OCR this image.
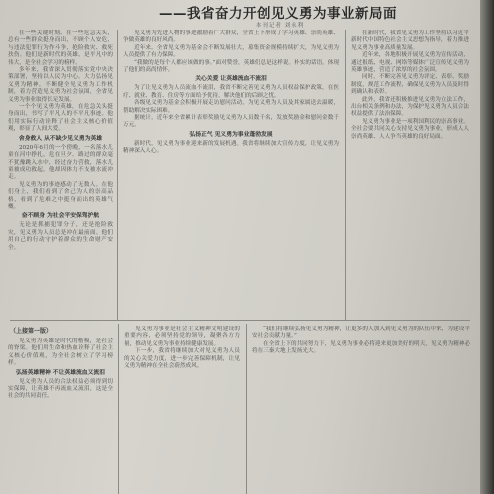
——我省奋力开创见义勇为事业新局面
本刊记者 刘永利

在一些关键时刻、在一些危急关头，总有一些群众挺身而出，不顾个人安危，与违法犯罪行为作斗争，抢险救灾、救死扶伤。他们是新时代的英雄，是平凡中的伟大，是全社会学习的榜样。

多年来，我省深入贯彻落实党中央决策部署，坚持以人民为中心，大力弘扬见义勇为精神，不断健全见义勇为工作机制，着力营造见义勇为社会氛围，全省见义勇为事业取得长足发展。

一个个见义勇为英雄，在危急关头挺身而出，书写了平凡人的不平凡事迹。他们用实际行动诠释了社会主义核心价值观，彰显了人间大爱。

舍身救人 从不缺少见义勇为英雄

2020年6月的一个傍晚，一名落水儿童在河中挣扎，危在旦夕。路过的群众毫不犹豫跳入水中，经过奋力营救，落水儿童被成功救起，他却因体力不支被水流冲走。

见义勇为的事迹感动了无数人。在他们身上，我们看到了舍己为人的崇高品格，看到了危难之中挺身而出的英雄气概。

奋不顾身 为社会平安保驾护航

无论是抓捕犯罪分子，还是抢险救灾，见义勇为人员总是冲在最前面。他们用自己的行动守护着群众的生命财产安全。

见义勇为先进人物的事迹激励着广大群众，全省上下形成了学习英雄、崇尚英雄、争做英雄的良好风尚。

近年来，全省见义勇为基金会不断发展壮大，募集资金规模持续扩大，为见义勇为人员提供了有力保障。

“我做的是每个人都应该做的事。”面对赞誉，英雄们总是这样说。朴实的话语，体现了他们的高尚情怀。

关心关爱 让英雄流血不流泪

为了让见义勇为人员流血不流泪，我省不断完善见义勇为人员权益保护政策，在医疗、就业、教育、住房等方面给予优待，解决他们的后顾之忧。

各级见义勇为基金会积极开展走访慰问活动，为见义勇为人员及其家属送去温暖，帮助解决实际困难。

据统计，近年来全省累计表彰奖励见义勇为人员数千名，发放奖励金和慰问金数千万元。

弘扬正气 见义勇为事业蓬勃发展

新时代，见义勇为事业迎来新的发展机遇。我省将继续加大宣传力度，让见义勇为精神深入人心。

在新时代，我省见义勇为工作坚持以习近平新时代中国特色社会主义思想为指导，着力推进见义勇为事业高质量发展。

近年来，各地积极开展见义勇为宣传活动，通过报纸、电视、网络等媒体广泛宣传见义勇为英雄事迹，营造了浓厚的社会氛围。

同时，不断完善见义勇为评定、表彰、奖励制度，规范工作流程，确保见义勇为人员及时得到确认和表彰。

此外，我省还积极推进见义勇为立法工作，出台相关条例和办法，为保护见义勇为人员合法权益提供了法治保障。

见义勇为事业是一项利国利民的崇高事业。全社会要共同关心支持见义勇为事业，形成人人崇尚英雄、人人争当英雄的良好局面。

（上接第一版）

见义勇为英雄是时代的楷模，是社会的脊梁。他们用生命和热血诠释了社会主义核心价值观，为全社会树立了学习榜样。

弘扬英雄精神 不让英雄流血又流泪

见义勇为人员的合法权益必须得到切实保障，让英雄不再流血又流泪，这是全社会的共同责任。

见义勇为事业是社会主义精神文明建设的重要内容，必须坚持党的领导，凝聚各方力量，推动见义勇为事业持续健康发展。

下一步，我省将继续加大对见义勇为人员的关心关爱力度，进一步完善保障机制，让见义勇为精神在全社会蔚然成风。

“我们将继续弘扬见义勇为精神，让更多的人加入到见义勇为的队伍中来，为建设平安社会贡献力量。”

在全省上下的共同努力下，见义勇为事业必将迎来更加美好的明天，见义勇为精神必将在三秦大地上发扬光大。
